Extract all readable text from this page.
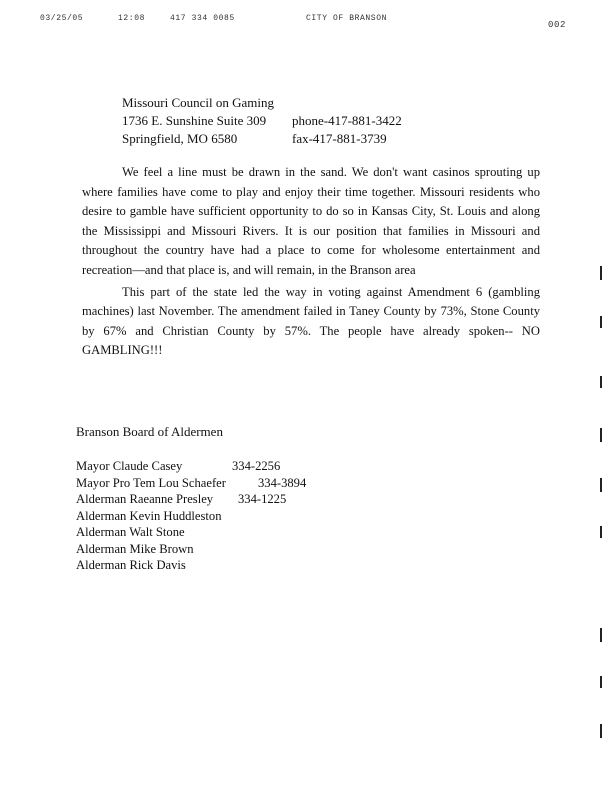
03/25/05	12:08	417 334 0085	CITY OF BRANSON
002
Missouri Council on Gaming
1736 E. Sunshine Suite 309 phone-417-881-3422
Springfield, MO 6580	fax-417-881-3739

We feel a line must be drawn in the sand. We don't want casinos sprouting up where families have come to play and enjoy their time together. Missouri residents who desire to gamble have sufficient opportunity to do so in Kansas City, St. Louis and along the Mississippi and Missouri Rivers. It is our position that families in Missouri and throughout the country have had a place to come for wholesome entertainment and recreation—and that place is, and will remain, in the Branson area

This part of the state led the way in voting against Amendment 6 (gambling machines) last November. The amendment failed in Taney County by 73%, Stone County by 67% and Christian County by 57%. The people have already spoken-- NO GAMBLING!!!

Branson Board of Aldermen
Mayor Claude Casey	334-2256
Mayor Pro Tem Lou Schaefer	334-3894
Alderman Raeanne Presley 334-1225
Alderman Kevin Huddleston
Alderman Walt Stone
Alderman Mike Brown
Alderman Rick Davis
